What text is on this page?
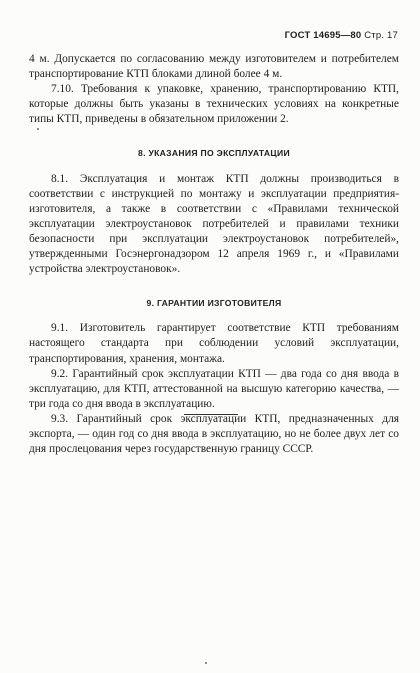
ГОСТ 14695—80 Стр. 17

4 м. Допускается по согласованию между изготовителем и потребителем транспортирование КТП блоками длиной более 4 м.

7.10. Требования к упаковке, хранению, транспортированию КТП, которые должны быть указаны в технических условиях на конкретные типы КТП, приведены в обязательном приложении 2.

8. УКАЗАНИЯ ПО ЭКСПЛУАТАЦИИ

8.1. Эксплуатация и монтаж КТП должны производиться в соответствии с инструкцией по монтажу и эксплуатации предприятия-изготовителя, а также в соответствии с «Правилами технической эксплуатации электроустановок потребителей и правилами техники безопасности при эксплуатации электроустановок потребителей», утвержденными Госэнергонадзором 12 апреля 1969 г., и «Правилами устройства электроустановок».

9. ГАРАНТИИ ИЗГОТОВИТЕЛЯ

9.1. Изготовитель гарантирует соответствие КТП требованиям настоящего стандарта при соблюдении условий эксплуатации, транспортирования, хранения, монтажа.

9.2. Гарантийный срок эксплуатации КТП — два года со дня ввода в эксплуатацию, для КТП, аттестованной на высшую категорию качества, — три года со дня ввода в эксплуатацию.

9.3. Гарантийный срок эксплуатации КТП, предназначенных для экспорта, — один год со дня ввода в эксплуатацию, но не более двух лет со дня прослецования через государственную границу СССР.
